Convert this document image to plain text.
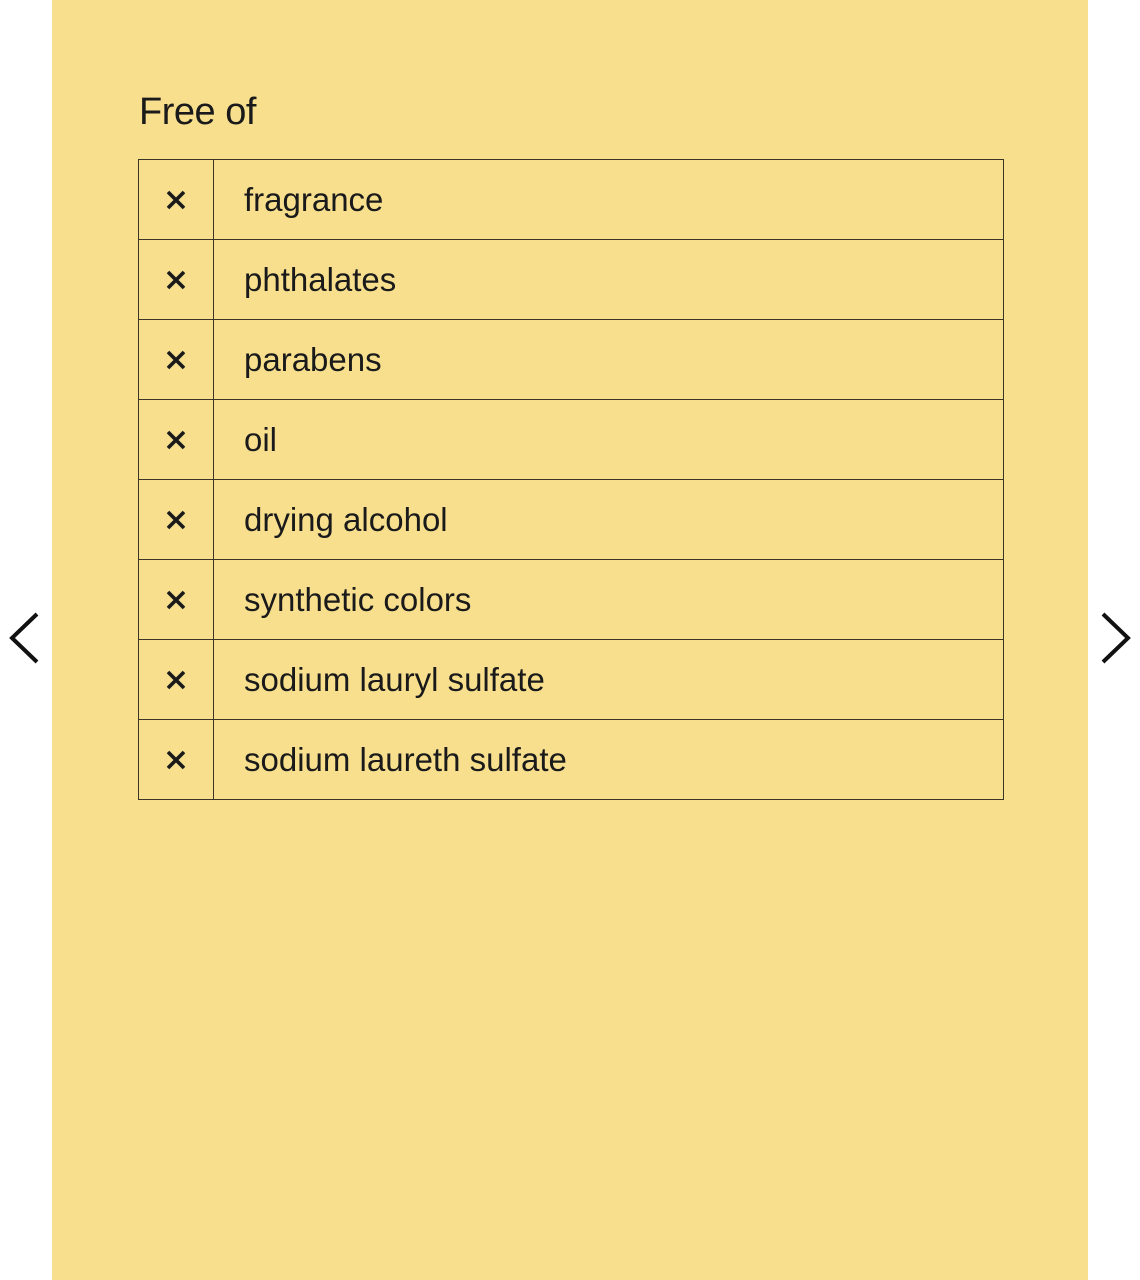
Free of
	fragrance
	phthalates
	parabens
	oil
	drying alcohol
	synthetic colors
	sodium lauryl sulfate
	sodium laureth sulfate
